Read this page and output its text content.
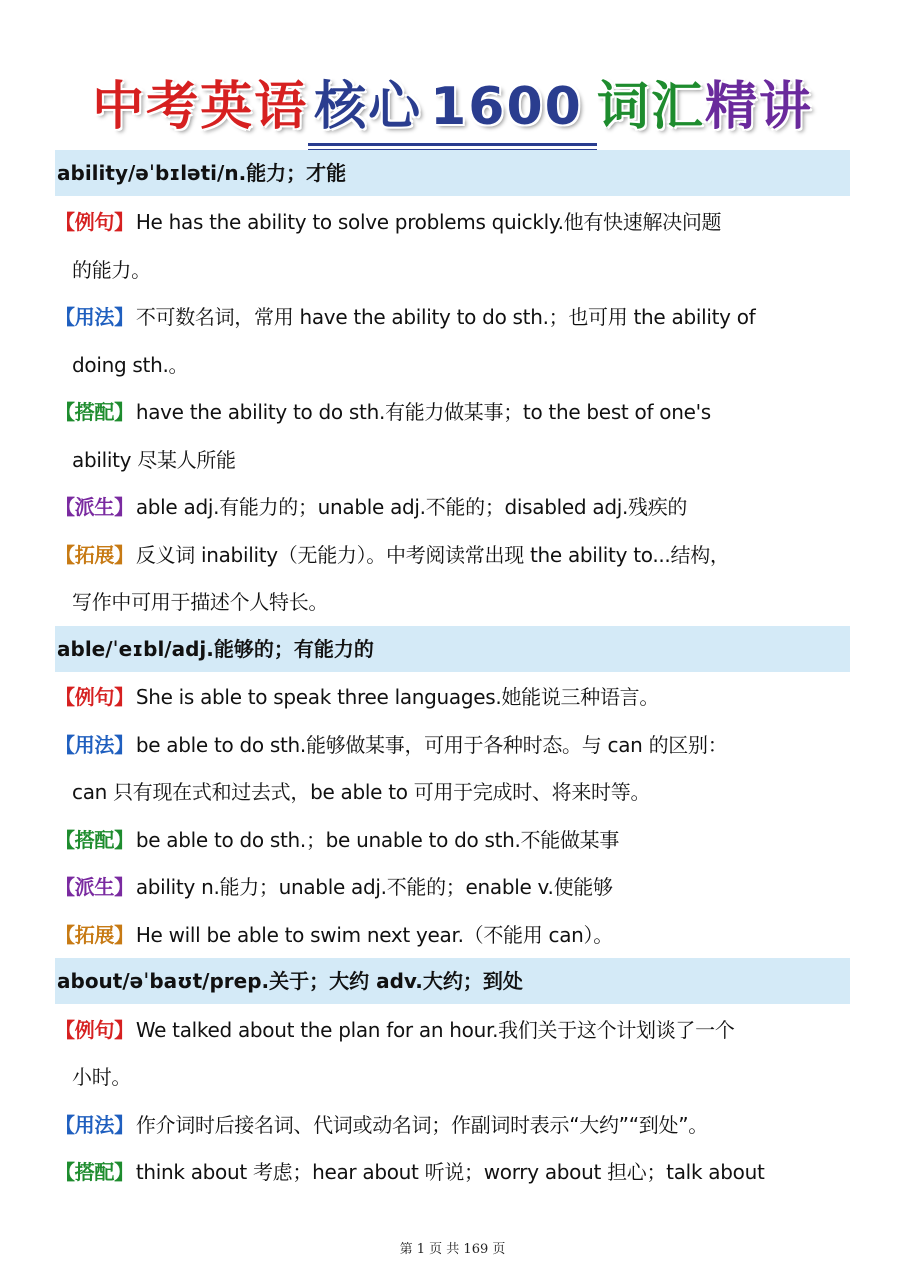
中考英语 核心 1600 词汇精讲
ability/əˈbɪləti/n.能力；才能
【例句】 He has the ability to solve problems quickly.他有快速解决问题
的能力。
【用法】 不可数名词，常用 have the ability to do sth.；也可用 the ability of
doing sth.。
【搭配】 have the ability to do sth.有能力做某事；to the best of one's
ability 尽某人所能
【派生】 able adj.有能力的；unable adj.不能的；disabled adj.残疾的
【拓展】 反义词 inability（无能力）。中考阅读常出现 the ability to...结构，
写作中可用于描述个人特长。
able/ˈeɪbl/adj.能够的；有能力的
【例句】 She is able to speak three languages.她能说三种语言。
【用法】 be able to do sth.能够做某事，可用于各种时态。与 can 的区别：
can 只有现在式和过去式，be able to 可用于完成时、将来时等。
【搭配】 be able to do sth.；be unable to do sth.不能做某事
【派生】 ability n.能力；unable adj.不能的；enable v.使能够
【拓展】 He will be able to swim next year.（不能用 can）。
about/əˈbaʊt/prep.关于；大约 adv.大约；到处
【例句】 We talked about the plan for an hour.我们关于这个计划谈了一个
小时。
【用法】 作介词时后接名词、代词或动名词；作副词时表示“大约”“到处”。
【搭配】 think about 考虑；hear about 听说；worry about 担心；talk about
第 1 页 共 169 页
